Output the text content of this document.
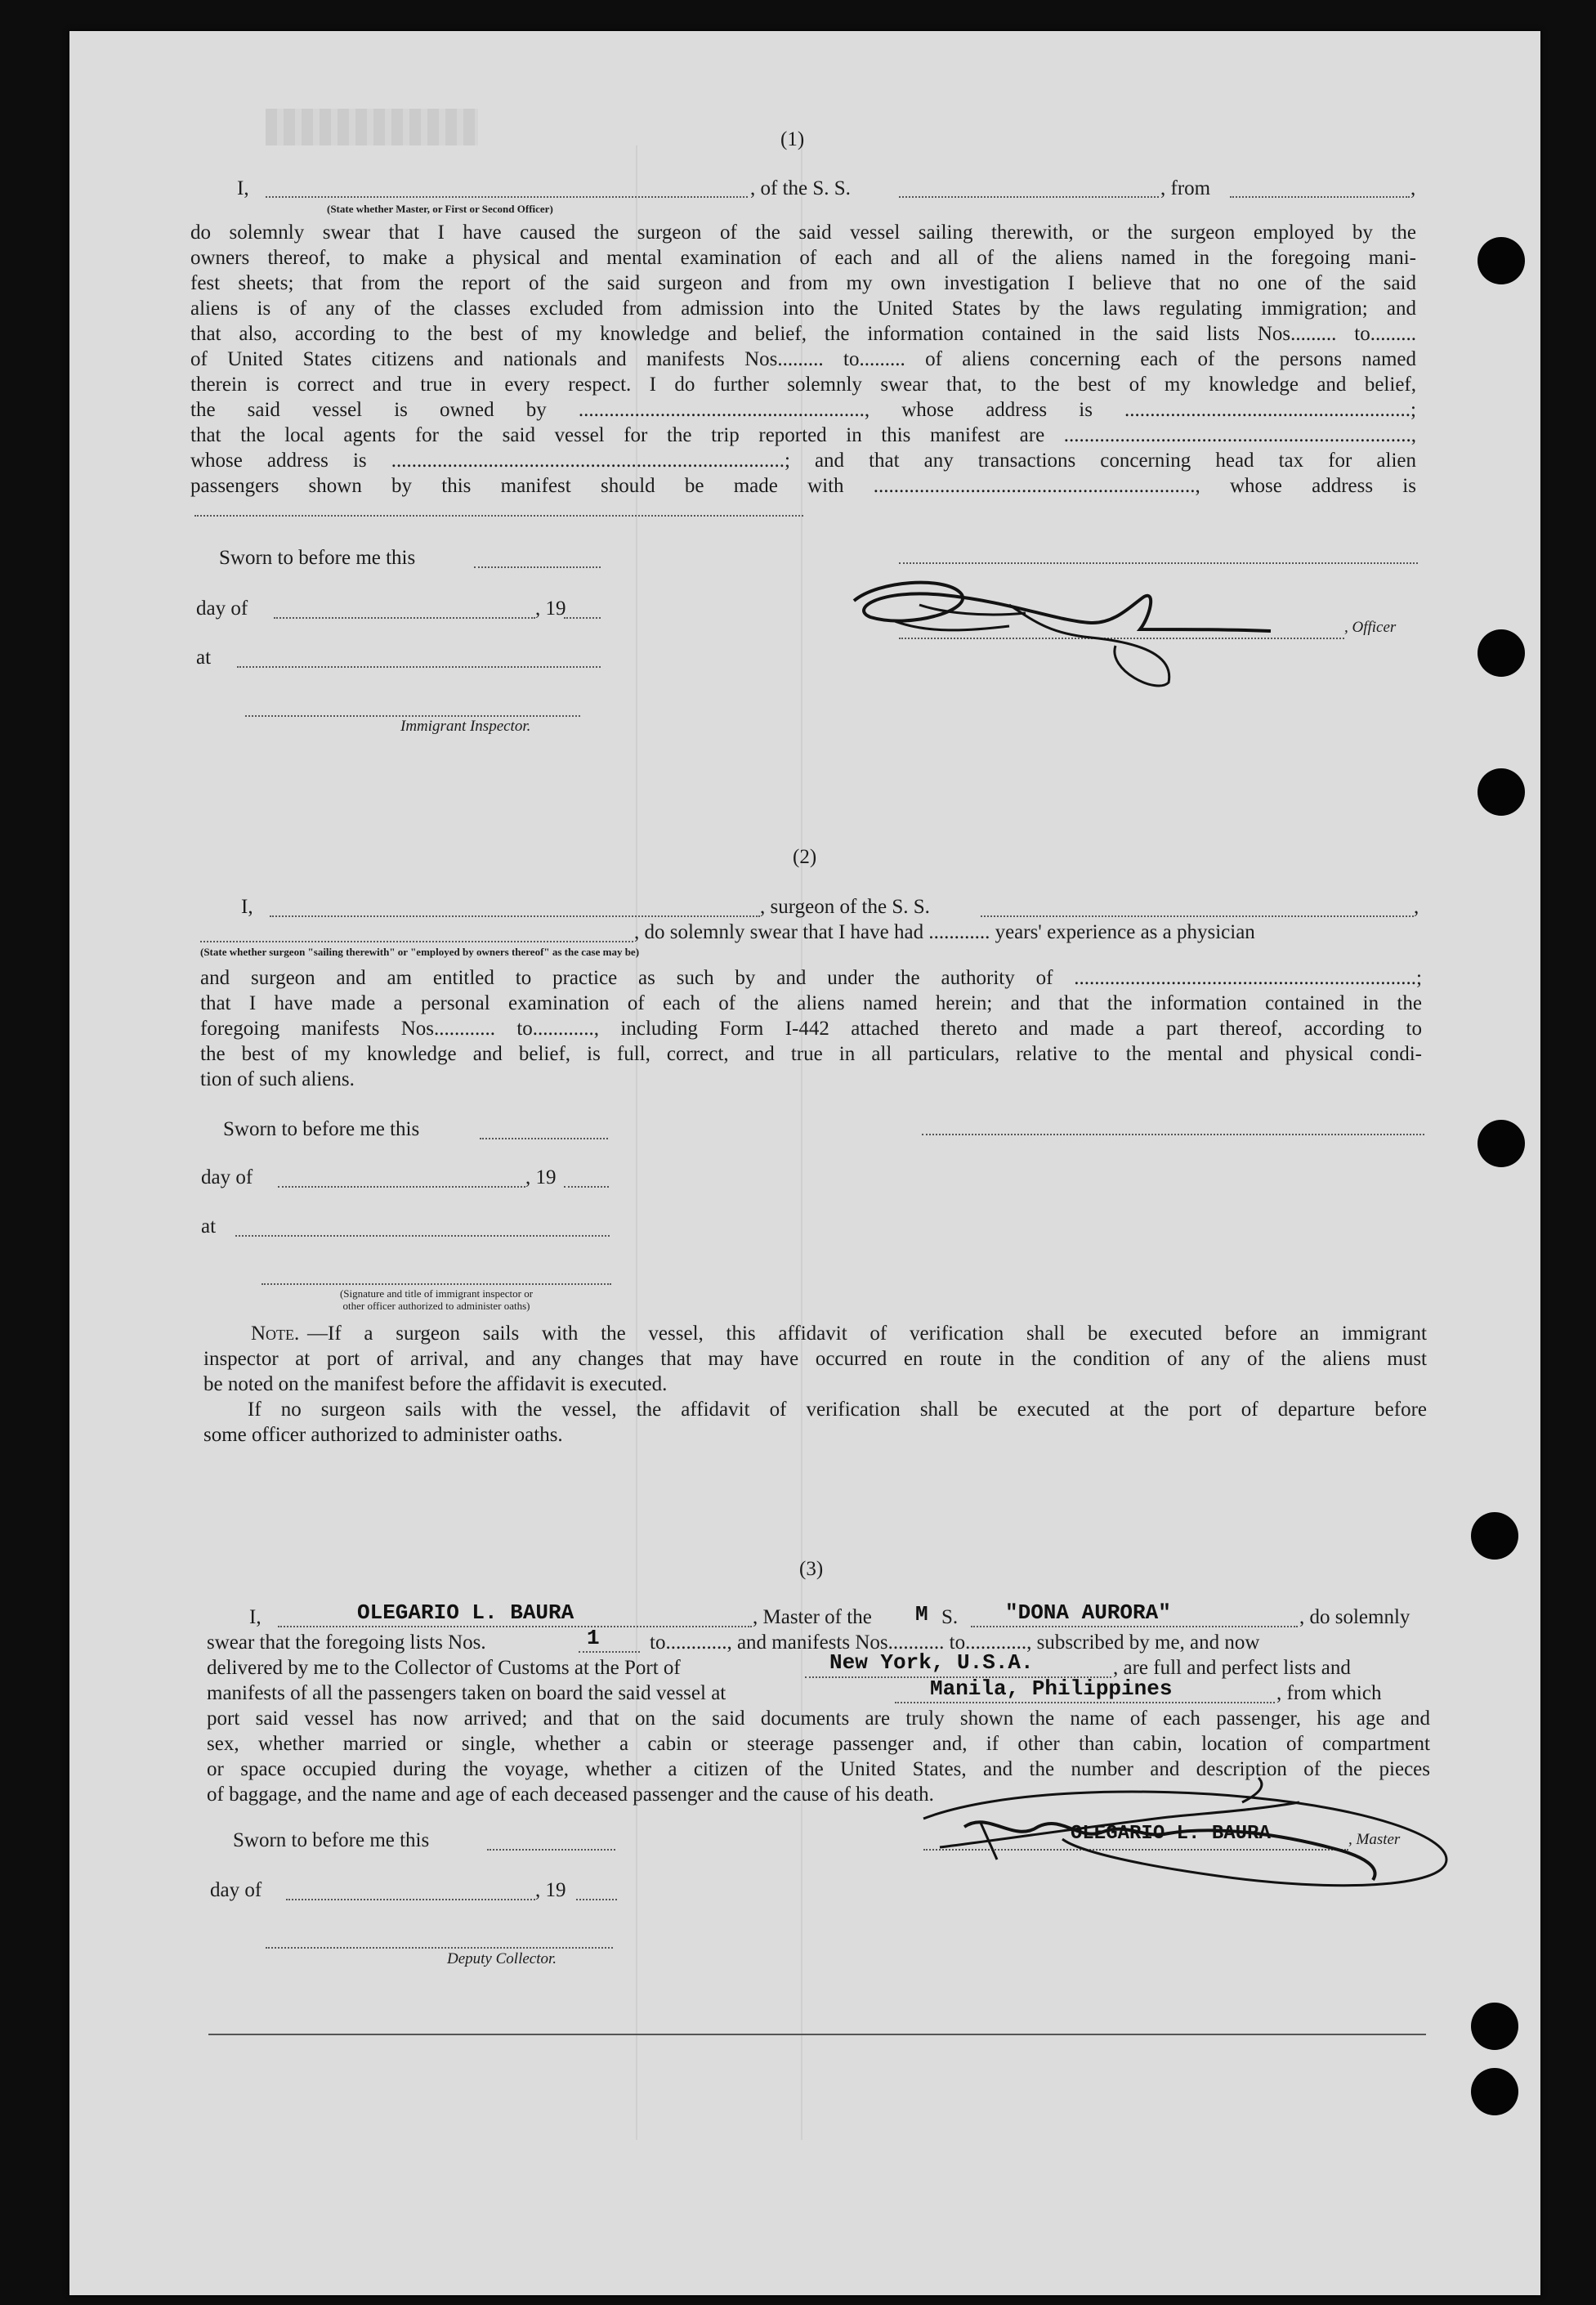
(1)
I,	, of the S. S.	, from	,
(State whether Master, or First or Second Officer)
do solemnly swear that I have caused the surgeon of the said vessel sailing therewith, or the surgeon employed by the
owners thereof, to make a physical and mental examination of each and all of the aliens named in the foregoing mani-
fest sheets; that from the report of the said surgeon and from my own investigation I believe that no one of the said
aliens is of any of the classes excluded from admission into the United States by the laws regulating immigration; and
that also, according to the best of my knowledge and belief, the information contained in the said lists Nos......... to.........
of United States citizens and nationals and manifests Nos......... to......... of aliens concerning each of the persons named
therein is correct and true in every respect. I do further solemnly swear that, to the best of my knowledge and belief,
the said vessel is owned by ........................................................, whose address is ........................................................;
that the local agents for the said vessel for the trip reported in this manifest are ....................................................................,
whose address is .............................................................................; and that any transactions concerning head tax for alien
passengers shown by this manifest should be made with ..............................................................., whose address is
Sworn to before me this
day of	, 19
, Officer
at
Immigrant Inspector.
(2)
I,	, surgeon of the S. S.	,
, do solemnly swear that I have had ............ years' experience as a physician
(State whether surgeon "sailing therewith" or "employed by owners thereof" as the case may be)
and surgeon and am entitled to practice as such by and under the authority of ...................................................................;
that I have made a personal examination of each of the aliens named herein; and that the information contained in the
foregoing manifests Nos............ to............, including Form I-442 attached thereto and made a part thereof, according to
the best of my knowledge and belief, is full, correct, and true in all particulars, relative to the mental and physical condi-
tion of such aliens.
Sworn to before me this
day of	, 19
at
(Signature and title of immigrant inspector or
other officer authorized to administer oaths)
Note. —If a surgeon sails with the vessel, this affidavit of verification shall be executed before an immigrant
inspector at port of arrival, and any changes that may have occurred en route in the condition of any of the aliens must
be noted on the manifest before the affidavit is executed.
If no surgeon sails with the vessel, the affidavit of verification shall be executed at the port of departure before
some officer authorized to administer oaths.
(3)
I,	OLEGARIO L. BAURA	, Master of the M S. "DONA AURORA"	, do solemnly
swear that the foregoing lists Nos.	1 to............, and manifests Nos........... to............, subscribed by me, and now
delivered by me to the Collector of Customs at the Port of	New York, U.S.A.	, are full and perfect lists and
manifests of all the passengers taken on board the said vessel at	Manila, Philippines	, from which
port said vessel has now arrived; and that on the said documents are truly shown the name of each passenger, his age and
sex, whether married or single, whether a cabin or steerage passenger and, if other than cabin, location of compartment
or space occupied during the voyage, whether a citizen of the United States, and the number and description of the pieces
of baggage, and the name and age of each deceased passenger and the cause of his death.
Sworn to before me this	OLEGARIO L. BAURA	, Master
day of	, 19
Deputy Collector.
